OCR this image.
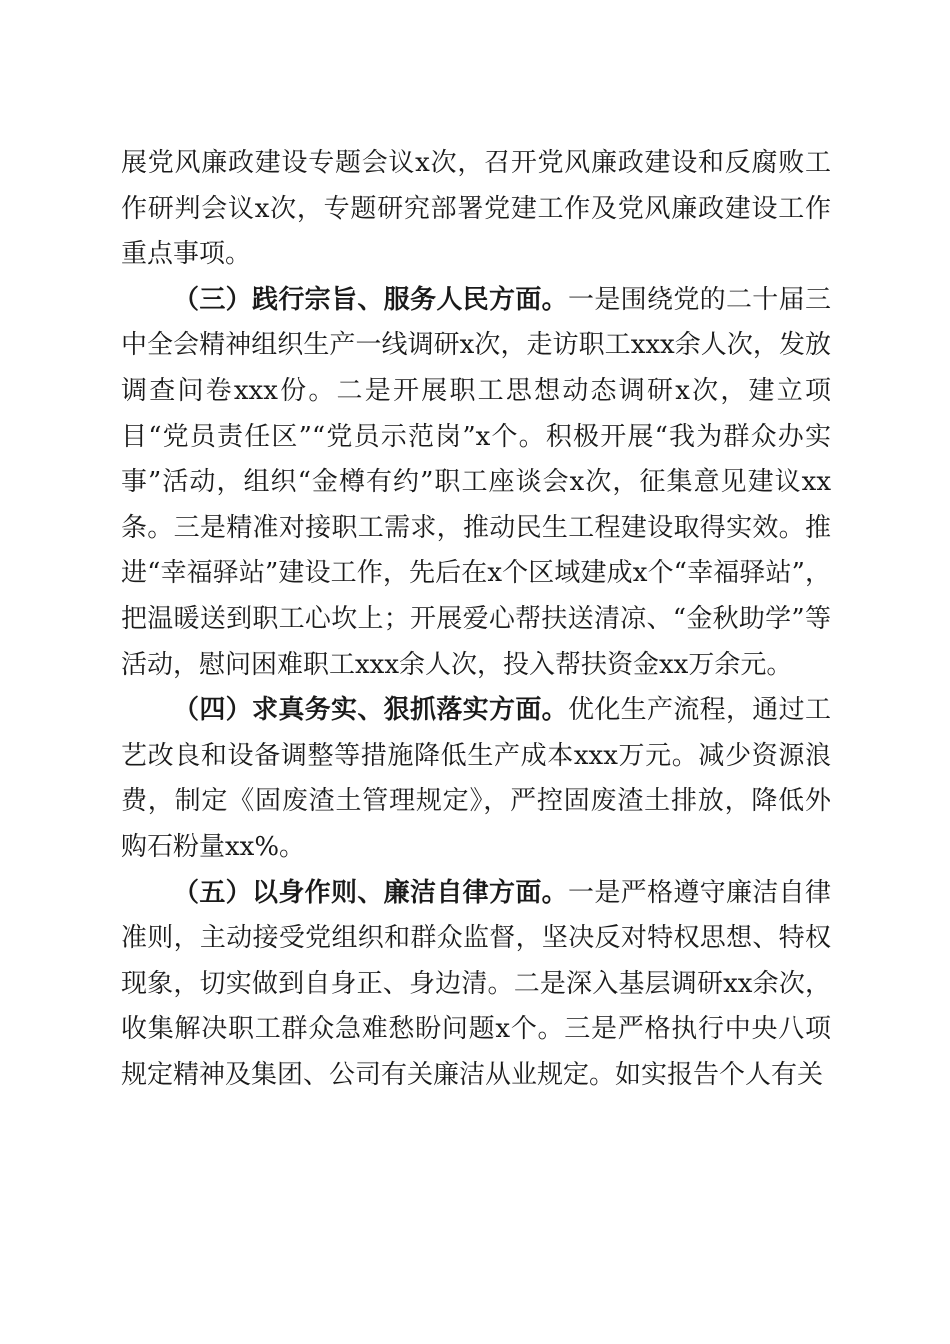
展党风廉政建设专题会议x次，召开党风廉政建设和反腐败工作研判会议x次，专题研究部署党建工作及党风廉政建设工作重点事项。

（三）践行宗旨、服务人民方面。一是围绕党的二十届三中全会精神组织生产一线调研x次，走访职工xxx余人次，发放调查问卷xxx份。二是开展职工思想动态调研x次，建立项目“党员责任区”“党员示范岗”x个。积极开展“我为群众办实事”活动，组织“金樽有约”职工座谈会x次，征集意见建议xx条。三是精准对接职工需求，推动民生工程建设取得实效。推进“幸福驿站”建设工作，先后在x个区域建成x个“幸福驿站”，把温暖送到职工心坎上；开展爱心帮扶送清凉、“金秋助学”等活动，慰问困难职工xxx余人次，投入帮扶资金xx万余元。

（四）求真务实、狠抓落实方面。优化生产流程，通过工艺改良和设备调整等措施降低生产成本xxx万元。减少资源浪费，制定《固废渣土管理规定》，严控固废渣土排放，降低外购石粉量xx%。

（五）以身作则、廉洁自律方面。一是严格遵守廉洁自律准则，主动接受党组织和群众监督，坚决反对特权思想、特权现象，切实做到自身正、身边清。二是深入基层调研xx余次，收集解决职工群众急难愁盼问题x个。三是严格执行中央八项规定精神及集团、公司有关廉洁从业规定。如实报告个人有关
